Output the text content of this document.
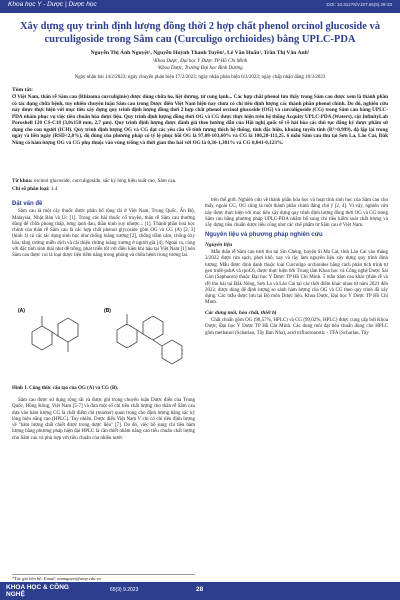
Khoa học Y - Dược | Dược học	DOI: 10.31276/VJST.65(9).28-33
Xây dựng quy trình định lượng đồng thời 2 hợp chất phenol orcinol glucoside và curculigoside trong Sâm cau (Curculigo orchioides) bằng UPLC-PDA
Nguyễn Thị Ánh Nguyệt¹, Nguyễn Huỳnh Thanh Tuyền¹, Lê Văn Huấn¹, Trần Thị Vân Anh¹
¹Khoa Dược, Đại học Y Dược TP Hồ Chí Minh
²Khoa Dược, Trường Đại học Bình Dương
Ngày nhận bài 14/2/2023; ngày chuyển phản biện 17/2/2023; ngày nhận phản biện 6/3/2023; ngày chấp nhận đăng 10/3/2023
Tóm tắt:
Ở Việt Nam, thân rễ Sâm cau (Rhizoma curculiginis) được dùng chữa ho, liệt dương, tử cung lạnh... Các hợp chất phenol tìm thấy trong Sâm cau được xem là thành phần có tác dụng chữa bệnh, tuy nhiên chuyên luận Sâm cau trong Dược điển Việt Nam hiện nay chưa có chỉ tiêu định lượng các thành phần phenol chính. Do đó, nghiên cứu này được thực hiện với mục tiêu xây dựng quy trình định lượng đồng thời 2 hợp chất phenol orcinol glucoside (OG) và curculigoside (CG) trong Sâm cau bằng UPLC-PDA nhằm phục vụ việc tiêu chuẩn hóa dược liệu. Quy trình định lượng đồng thời OG và CG được thực hiện trên hệ thống Acquity UPLC-PDA (Waters), cột InfinityLab Poroshell 120 CS-C18 (3,0x150 mm, 2,7 µm). Quy trình định lượng được đánh giá theo hướng dẫn của Hội nghị quốc tế về hài hòa các thủ tục đăng ký dược phẩm sử dụng cho con người (ICH). Quy trình định lượng OG và CG đạt các yêu cầu về tính tương thích hệ thống, tính đặc hiệu, khoảng tuyến tính (R²>0,999), độ lặp lại trong ngày và liên ngày (RSD<2,0%), độ đúng của phương pháp có tỷ lệ phục hồi OG là 97,08-103,60% và CG là 100,28-111,25. 6 mẫu Sâm cau thu tại Sơn La, Lào Cai, Đắk Nông có hàm lượng OG và CG phụ thuộc vào vùng trồng và thời gian thu hái với OG là 0,36-1,301% và CG 0,041-0,123%.
Từ khóa: orcinol glucoside, curculigoside, sắc ký lỏng hiệu suất cao, Sâm cau.
Chỉ số phân loại: 3.4
Đặt vấn đề
Sâm cau là một cây thuốc được phân bố rộng rãi ở Việt Nam, Trung Quốc, Ấn Độ, Malaysia, Nhật Bản và Úc [1]. Trong các bài thuốc cổ truyền, thân rễ Sâm cau thường dùng để chữa phong thấp, lưng lạnh đau, thần kinh suy nhược... [1]. Thành phần hoá học chính của thân rễ Sâm cau là các hợp chất phenol glycoside gồm OG và CG (A) [2, 3] (hình 1) có các tác dụng sinh học như chống loãng xương [2], chống trầm cảm, chống ôxy hóa, tăng cường miễn dịch và cải thiện chứng loãng xương ở người già [4]. Ngoài ra, cùng với đặc tính sinh thái như dễ trồng, phát triển tốt với điều kiện khí hậu tại Việt Nam [1] nên Sâm cau được coi là loại dược liệu tiềm năng trong phòng và chữa bệnh trong tương lai.
(A)	(B)
Hình 1. Công thức cấu tạo của OG (A) và CG (B).
Sâm cau được sử dụng rộng rãi và được ghi trong chuyên luận Dược điển của Trung Quốc, Hồng Kông, Việt Nam [5-7] và đưa một số chỉ tiêu chất lượng cho thân rễ Sâm cau dựa vào hàm lượng CG là chất điểm chỉ (marker) quan trọng cho định lượng bằng sắc ký lỏng hiệu năng cao (HPLC). Tuy nhiên, Dược điển Việt Nam V chỉ có chỉ tiêu định lượng về "hàm lượng chất chiết được trong dược liệu" [7]. Do đó, việc bổ sung chỉ tiêu hàm lượng bằng phương pháp hiện đại HPLC là cần thiết nhằm nâng cao tiêu chuẩn chất lượng cho Sâm cau và phù hợp với tiêu chuẩn của nhiều nước
trên thế giới. Nghiên cứu về thành phần hóa học và hoạt tính sinh học của Sâm cau cho thấy, ngoài CG, OG cũng là một thành phần chính đáng chú ý [2, 4]. Vì vậy, nghiên cứu này được thực hiện với mục tiêu xây dựng quy trình định lượng đồng thời OG và CG trong Sâm cau bằng phương pháp UPLC-PDA nhằm bổ sung chỉ tiêu kiểm soát chất lượng và xây dựng tiêu chuẩn dược liệu cũng như các chế phẩm từ Sâm cau ở Việt Nam.
Nguyên liệu và phương pháp nghiên cứu
Nguyên liệu
Mẫu thân rễ Sâm cau tươi thu tại Sìn Chéng, huyện Si Ma Cai, tỉnh Lào Cai vào tháng 3/2022 được rửa sạch, phơi khô, xay và rây làm nguyên liệu xây dựng quy trình định lượng. Mẫu được định danh thuộc loài Curculigo orchioides bằng cách phân tích trình tự gen trnH-psbA và rpoC6, được thực hiện bởi Trung tâm Khoa học và Công nghệ Dược Sài Gòn (Saphacen) thuộc Đại học Y Dược TP Hồ Chí Minh. 5 mẫu Sâm cau khác (thân rễ và rễ) thu hái tại Đắk Nông, Sơn La và Lào Cai tại các thời điểm khác nhau từ năm 2021 đến 2022, được dùng để định lượng so sánh hàm lượng của OG và CG theo quy trình đã xây dựng. Các mẫu được lưu tại Bộ môn Dược liệu, Khoa Dược, Đại học Y Dược TP Hồ Chí Minh.
Các dung môi, hóa chất, thiết bị
Chất chuẩn gồm OG (98,57%, HPLC) và CG (99,02%, HPLC) được cung cấp bởi Khoa Dược, Đại học Y Dược TP Hồ Chí Minh. Các dung môi đạt tiêu chuẩn dùng cho HPLC gồm methanol (Scharlau, Tây Ban Nha), acid trifluoroacetic - TFA (Scharlau, Tây
*Tác giả liên hệ: Email: nnanguyet@ump.edu.vn
KHOA HỌC & CÔNG NGHỆ
65(9) 9.2023	28
